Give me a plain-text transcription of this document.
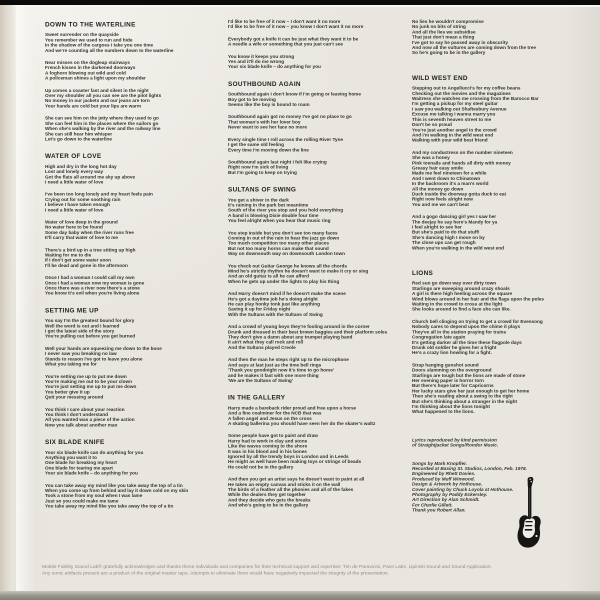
DOWN TO THE WATERLINE

Sweet surrender on the quayside
You remember we used to run and hide
In the shadow of the cargoes I take you one time
And we're counting all the numbers down to the waterline

Near misses on the dogleap stairways
French kisses in the darkened doorways
A foghorn blowing out wild and cold
A policeman shines a light upon my shoulder

Up comes a coaster fast and silent in the night
Over my shoulder all you can see are the pilot lights
No money in our jackets and our jeans are torn
Your hands are cold but your lips are warm

She can see him on the jetty where they used to go
She can feel him in the places where the sailors go
When she's walking by the river and the railway line
She can still hear him whisper
Let's go down to the waterline

WATER OF LOVE

High and dry in the long hot day
Lost and lonely every way
Got the flats all around me sky up above
I need a little water of love

I've been too long lonely and my heart feels pain
Crying out for some soothing rain
I believe I have taken enough
I need a little water of love

Water of love deep in the ground
No water here to be found
Some day baby when the river runs free
It'll carry that water of love to me

There's a bird up in a tree sitting up high
Waiting for me to die
If I don't get some water soon
I'll be dead and gone in the afternoon

Once I had a woman I could call my own
Once I had a woman now my woman is gone
Once there was a river now there's a stone
You know it's evil when you're living alone

SETTING ME UP

You say I'm the greatest bound for glory
Well the word is out and I learned
I got the latest side of the story
You're pulling out before you get burned

Well your hands are squeezing me down to the bone
I never saw you breaking no law
Stands to reason I've got to leave you alone
What you taking me for

You're setting me up to put me down
You're making me out to be your clown
You're just setting me up to put me down
You better give it up
Quit your messing around

You think I care about your reaction
You think I don't understand
All you wanted was a piece of the action
Now you talk about another man

SIX BLADE KNIFE

Your six blade knife can do anything for you
Anything you want it to
One blade for breaking my heart
One blade for tearing me apart
Your six blade knife – do anything for you

You can take away my mind like you take away the top of a tin
When you come up from behind and lay it down cold on my skin
Took a stone from my soul when I was lame
Just so you could make me tame
You take away my mind like you take away the top of a tin

I'd like to be free of it now – I don't want it no more
I'd like to be free of it now – you know I don't want it no more

Everybody got a knife it can be just what they want it to be
A needle a wife or something that you just can't see

You know it keeps you strong
Yes and it'll do me wrong
Your six blade knife – do anything for you

SOUTHBOUND AGAIN

Southbound again I don't know if I'm going or leaving home
Boy got to be moving
Seems like the boy is bound to roam

Southbound again got no money I've got no place to go
That woman's with her lover boy
Never want to see her face no more

Every single time I roll across the rolling River Tyne
I get the same old feeling
Every time I'm moving down the line

Southbound again last night I felt like crying
Right now I'm sick of living
But I'm going to keep on trying

SULTANS OF SWING

You get a shiver in the dark
It's raining in the park but meantime
South of the river you stop and you hold everything
A band is blowing Dixie double four time
You feel alright when you hear that music ring

You step inside but you don't see too many faces
Coming in out of the rain to hear the jazz go down
Too much competition too many other places
But not too many horns can make that sound
Way on downsouth way on downsouth London town

You check out Guitar George he knows all the chords
Mind he's strictly rhythm he doesn't want to make it cry or sing
And an old guitar is all he can afford
When he gets up under the lights to play his thing

And Harry doesn't mind if he doesn't make the scene
He's got a daytime job he's doing alright
He can play honky tonk just like anything
Saving it up for Friday night
With the Sultans with the Sultans of Swing

And a crowd of young boys they're fooling around in the corner
Drunk and dressed in their best brown baggies and their platform soles
They don't give a damn about any trumpet playing band
It ain't what they call rock and roll
And the Sultans played Creole

And then the man he steps right up to the microphone
And says at last just as the time bell rings
'Thank you goodnight now it's time to go home'
and he makes it fast with one more thing
'We are the Sultans of Swing'

IN THE GALLERY

Harry made a bareback rider proud and free upon a horse
And a fine coalminer for the NCB that was
A fallen angel and Jesus on the cross
A skating ballerina you should have seen her do the skater's waltz

Some people have got to paint and draw
Harry had to work in clay and stone
Like the waves coming to the shore
It was in his blood and in his bones
Ignored by all the trendy boys in London and in Leeds
He might as well have been making toys or strings of beads
He could not be in the gallery

And then you get an artist says he doesn't want to paint at all
He takes an empty canvas and sticks it on the wall
The birds of a feather all the phonies and all of the fakes
While the dealers they get together
And they decide who gets the breaks
And who's going to be in the gallery

No lies he wouldn't compromise
No junk no bits of string
And all the lies we subsidise
That just don't mean a thing
I've got to say he passed away in obscurity
And now all the vultures are coming down from the tree
So he's going to be in the gallery

WILD WEST END

Stepping out to Angellucci's for my coffee beans
Checking out the movies and the magazines
Waitress she watches me crossing from the Barocco Bar
I'm getting a pickup for my steel guitar
I saw you walking out Shaftesbury Avenue
Excuse me talking I wanna marry you
This is seventh heaven street to me
Don't be so proud
You're just another angel in the crowd
And I'm walking in the wild west end
Walking with your wild best friend

And my conductress on the number nineteen
She was a honey
Pink toenails and hands all dirty with money
Greasy hair easy smile
Made me feel nineteen for a while
And I went down to Chinatown
In the backroom it's a man's world
All the money go down
Duck inside the doorway gotta duck to eat
Right now feels alright now
You and me we can't beat

And a gogo dancing girl yes I saw her
The deejay he say here's Mandy for ya
I feel alright to see her
But she's paid to do that stuff!
She's dancing high I move on by
The close ups can get rough
When you're walking in the wild west end

LIONS

Red sun go down way over dirty town
Starlings are sweeping around crazy shoals
A girl is there high heeling across the square
Wind blows around in her hair and the flags upon the poles
Waiting in the crowd to cross at the light
She looks around to find a face she can like.

Church bell clinging on trying to get a crowd for Evensong
Nobody cares to depend upon the chime it plays
They've all in the station praying for trains
Congregation late again
It's getting darker all the time these flagpole days
Drunk old soldier he gives her a fright
He's a crazy lion howling for a fight.

Strap hanging gunshot sound
Doors slamming on the overground
Starlings are tough but the lions are made of stone
Her evening paper is horror torn
But there's hope later for Capricorns
Her lucky stars give her just enough to get her home
Then she's reading about a swing to the right
But she's thinking about a stranger in the night
I'm thinking about the lions tonight
What happened to the lions.

Lyrics reproduced by kind permission
of Straightjacket Songs/Rondor Music.
Songs by Mark Knopfler.
Recorded at Basing St. Studios, London, Feb. 1978.
Engineered by Rhett Davies.
Produced by Muff Winwood.
Design & Artwork by Hothouse.
Cover painting by Chuck Loyola at Hothouse.
Photography by Paddy Eckersley.
Art Direction by Alan Schmidt.
For Charlie Gillett.
Thank you Robert Allan.
Mobile Fidelity Sound Lab® gratefully acknowledges and thanks these individuals and companies for their technical support and expertise: Tim de Paravicini, Pass Labs, Lipinski Sound and Sound Application.
Any sonic artifacts present are a product of the original master tape. Attempts to eliminate them would have negatively impacted the integrity of the presentation.
